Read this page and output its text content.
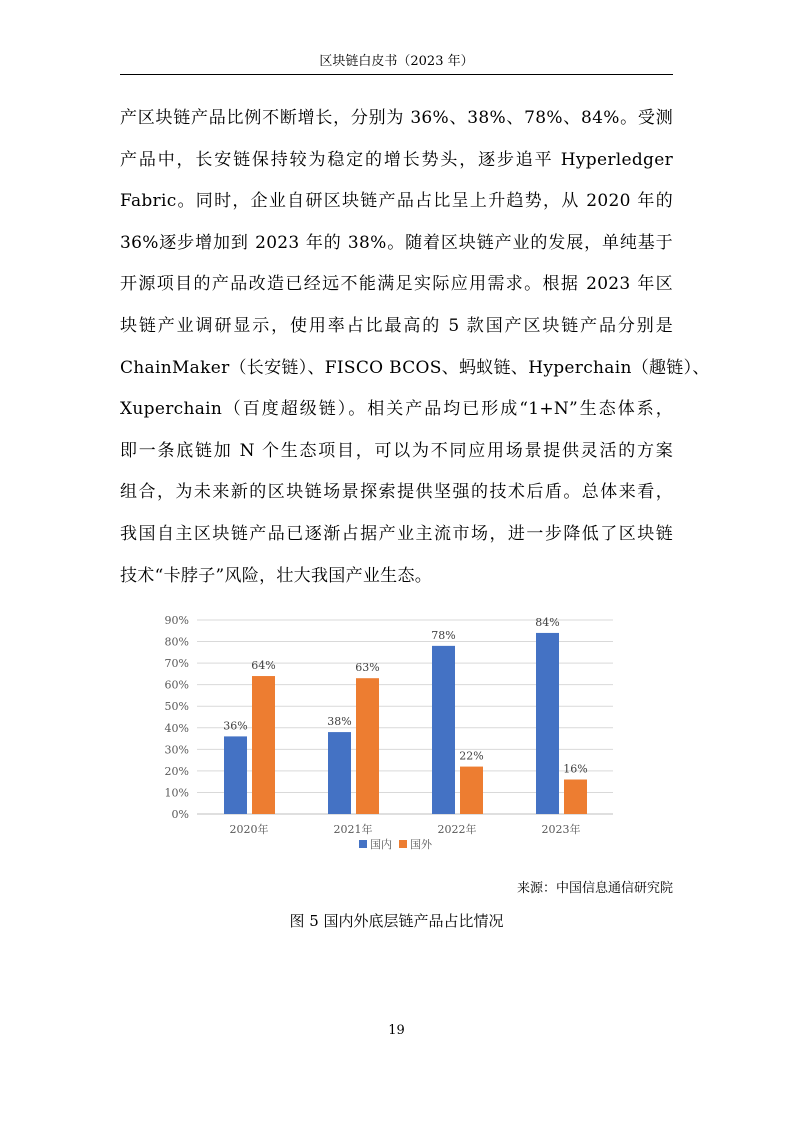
区块链白皮书（2023 年）
产区块链产品比例不断增长，分别为 36%、38%、78%、84%。受测
产品中，长安链保持较为稳定的增长势头，逐步追平 Hyperledger
Fabric。同时，企业自研区块链产品占比呈上升趋势，从 2020 年的
36%逐步增加到 2023 年的 38%。随着区块链产业的发展，单纯基于
开源项目的产品改造已经远不能满足实际应用需求。根据 2023 年区
块链产业调研显示，使用率占比最高的 5 款国产区块链产品分别是
ChainMaker（长安链）、FISCO BCOS、蚂蚁链、Hyperchain（趣链）、
Xuperchain（百度超级链）。相关产品均已形成“1+N”生态体系，
即一条底链加 N 个生态项目，可以为不同应用场景提供灵活的方案
组合，为未来新的区块链场景探索提供坚强的技术后盾。总体来看，
我国自主区块链产品已逐渐占据产业主流市场，进一步降低了区块链
技术“卡脖子”风险，壮大我国产业生态。
0%
10%
20%
30%
40%
50%
60%
70%
80%
90%
36%
64%
2020年
38%
63%
2021年
78%
22%
2022年
84%
16%
2023年
国内 国外
来源：中国信息通信研究院
图 5 国内外底层链产品占比情况
19
